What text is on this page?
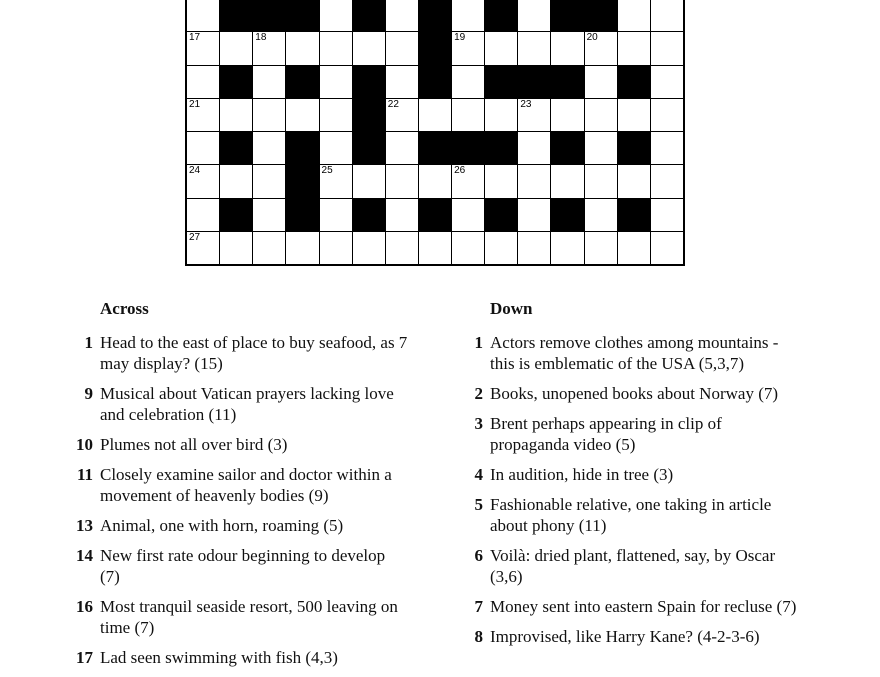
17	18	19	20
21	22	23
24	25	26
27
Across	Down
1 Head to the east of place to buy seafood, as 7 may display? (15)
9 Musical about Vatican prayers lacking love and celebration (11)
10 Plumes not all over bird (3)
11 Closely examine sailor and doctor within a movement of heavenly bodies (9)
13 Animal, one with horn, roaming (5)
14 New first rate odour beginning to develop (7)
16 Most tranquil seaside resort, 500 leaving on time (7)
17 Lad seen swimming with fish (4,3)
1 Actors remove clothes among mountains - this is emblematic of the USA (5,3,7)
2 Books, unopened books about Norway (7)
3 Brent perhaps appearing in clip of propaganda video (5)
4 In audition, hide in tree (3)
5 Fashionable relative, one taking in article about phony (11)
6 Voilà: dried plant, flattened, say, by Oscar (3,6)
7 Money sent into eastern Spain for recluse (7)
8 Improvised, like Harry Kane? (4-2-3-6)
